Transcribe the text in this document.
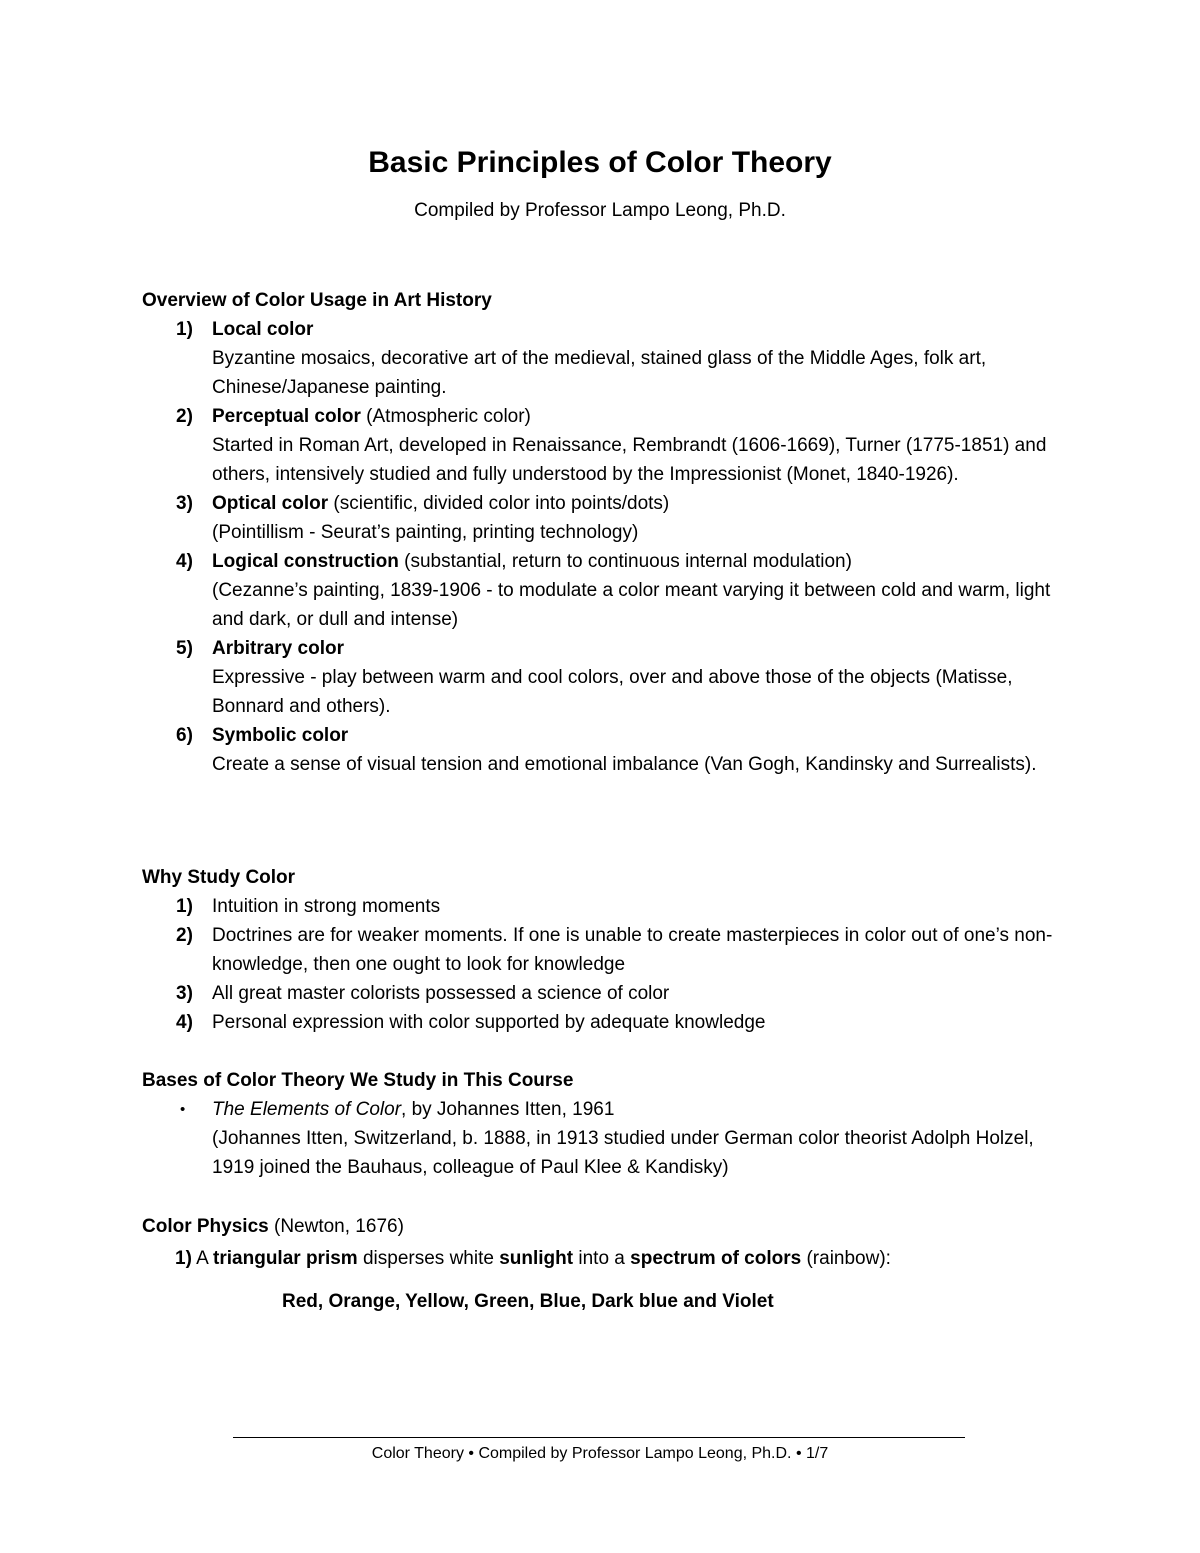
Basic Principles of Color Theory
Compiled by Professor Lampo Leong, Ph.D.
Overview of Color Usage in Art History
1) Local color
Byzantine mosaics, decorative art of the medieval, stained glass of the Middle Ages, folk art, Chinese/Japanese painting.
2) Perceptual color (Atmospheric color)
Started in Roman Art, developed in Renaissance, Rembrandt (1606-1669), Turner (1775-1851) and others, intensively studied and fully understood by the Impressionist (Monet, 1840-1926).
3) Optical color (scientific, divided color into points/dots)
(Pointillism - Seurat’s painting, printing technology)
4) Logical construction (substantial, return to continuous internal modulation)
(Cezanne’s painting, 1839-1906 - to modulate a color meant varying it between cold and warm, light and dark, or dull and intense)
5) Arbitrary color
Expressive - play between warm and cool colors, over and above those of the objects (Matisse, Bonnard and others).
6) Symbolic color
Create a sense of visual tension and emotional imbalance (Van Gogh, Kandinsky and Surrealists).
Why Study Color
1) Intuition in strong moments
2) Doctrines are for weaker moments. If one is unable to create masterpieces in color out of one’s non-knowledge, then one ought to look for knowledge
3) All great master colorists possessed a science of color
4) Personal expression with color supported by adequate knowledge
Bases of Color Theory We Study in This Course
• The Elements of Color, by Johannes Itten, 1961
(Johannes Itten, Switzerland, b. 1888, in 1913 studied under German color theorist Adolph Holzel, 1919 joined the Bauhaus, colleague of Paul Klee & Kandisky)
Color Physics (Newton, 1676)
1) A triangular prism disperses white sunlight into a spectrum of colors (rainbow):
Red, Orange, Yellow, Green, Blue, Dark blue and Violet
Color Theory • Compiled by Professor Lampo Leong, Ph.D. • 1/7
